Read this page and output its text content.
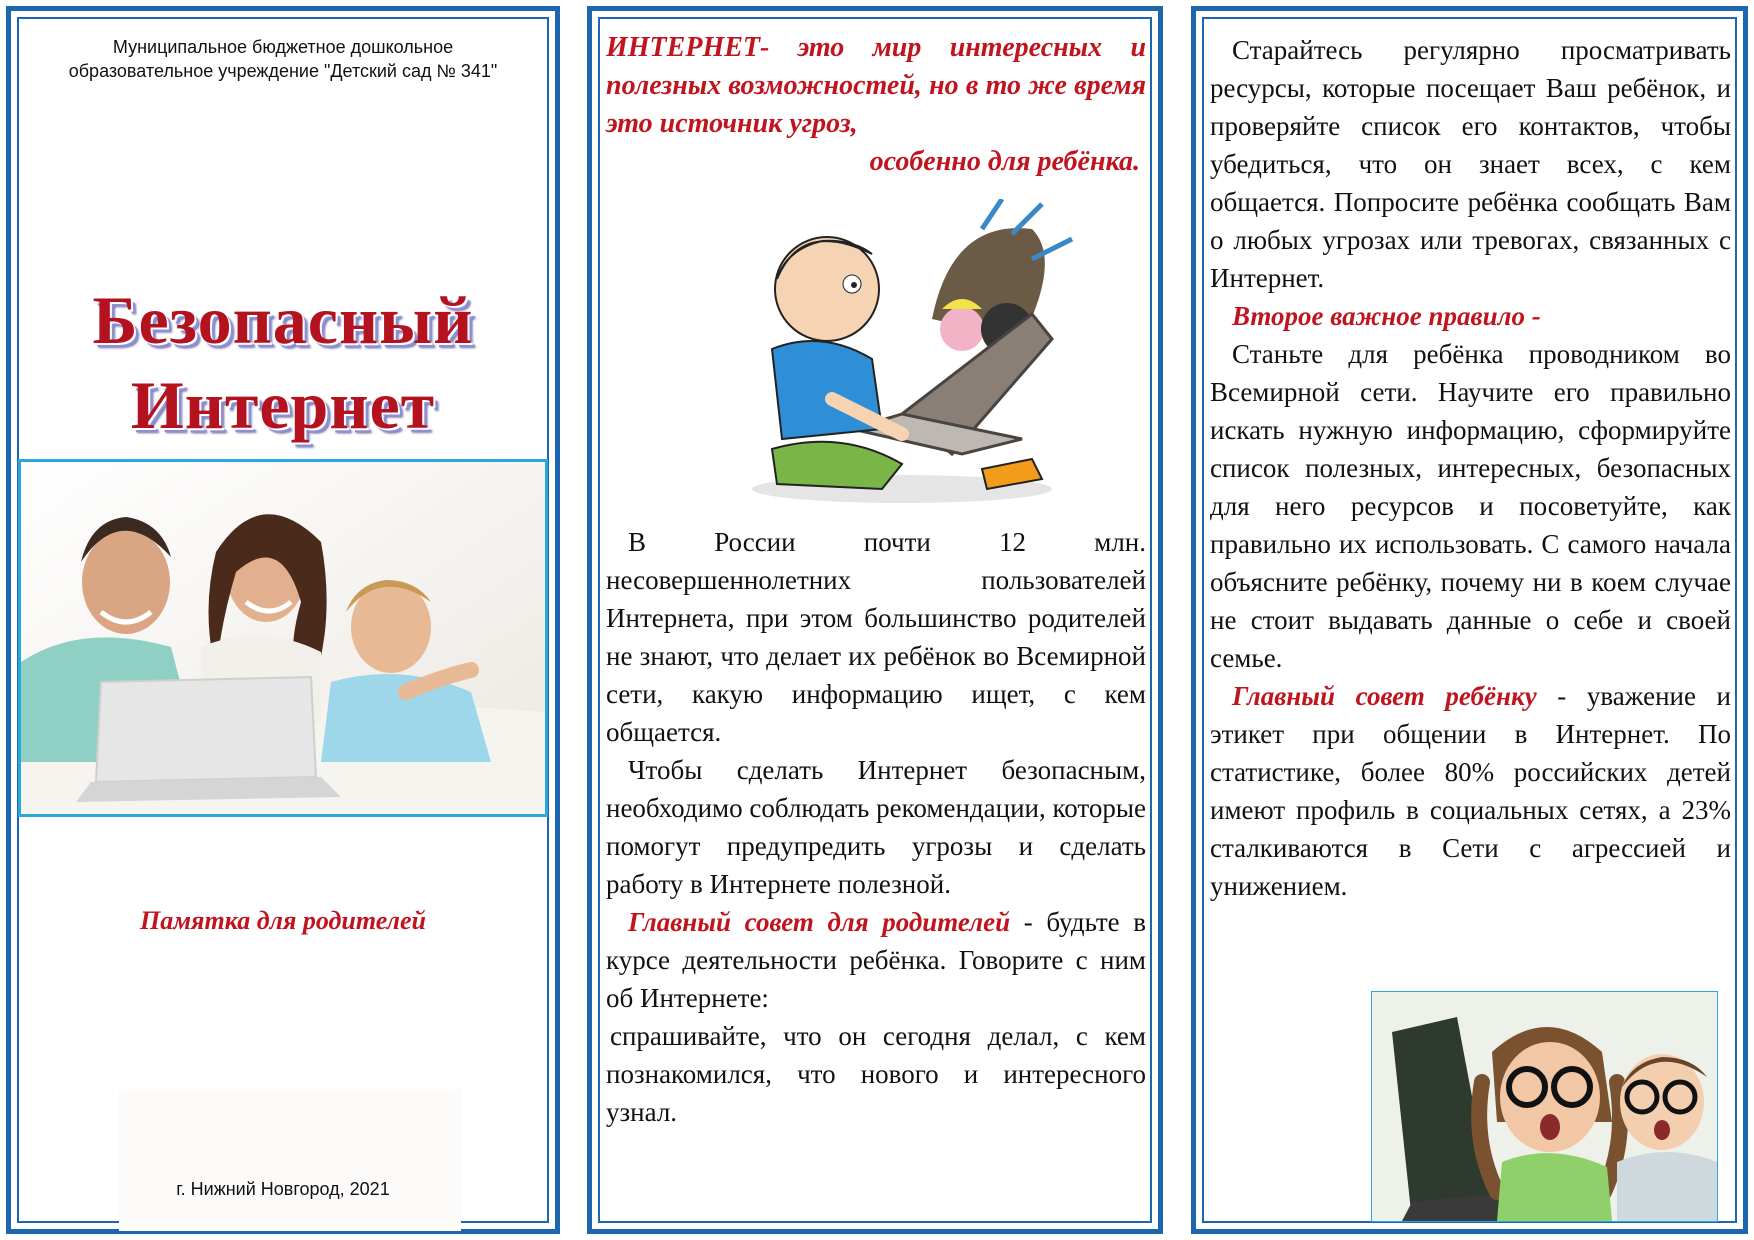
Муниципальное бюджетное дошкольное
образовательное учреждение "Детский сад № 341"
Безопасный
Интернет
Памятка для родителей
г. Нижний Новгород, 2021
ИНТЕРНЕТ- это мир интересных и полезных возможностей, но в то же время это источник угроз,
особенно для ребёнка.

В России почти 12 млн. несовершеннолетних пользователей Интернета, при этом большинство родителей не знают, что делает их ребёнок во Всемирной сети, какую информацию ищет, с кем общается.

Чтобы сделать Интернет безопасным, необходимо соблюдать рекомендации, которые помогут предупредить угрозы и сделать работу в Интернете полезной.

Главный совет для родителей - будьте в курсе деятельности ребёнка. Говорите с ним об Интернете:

спрашивайте, что он сегодня делал, с кем познакомился, что нового и интересного узнал.

Старайтесь регулярно просматривать ресурсы, которые посещает Ваш ребёнок, и проверяйте список его контактов, чтобы убедиться, что он знает всех, с кем общается. Попросите ребёнка сообщать Вам о любых угрозах или тревогах, связанных с Интернет.

Второе важное правило -

Станьте для ребёнка проводником во Всемирной сети. Научите его правильно искать нужную информацию, сформируйте список полезных, интересных, безопасных для него ресурсов и посоветуйте, как правильно их использовать. С самого начала объясните ребёнку, почему ни в коем случае не стоит выдавать данные о себе и своей семье.

Главный совет ребёнку - уважение и этикет при общении в Интернет. По статистике, более 80% российских детей имеют профиль в социальных сетях, а 23% сталкиваются в Сети с агрессией и унижением.
